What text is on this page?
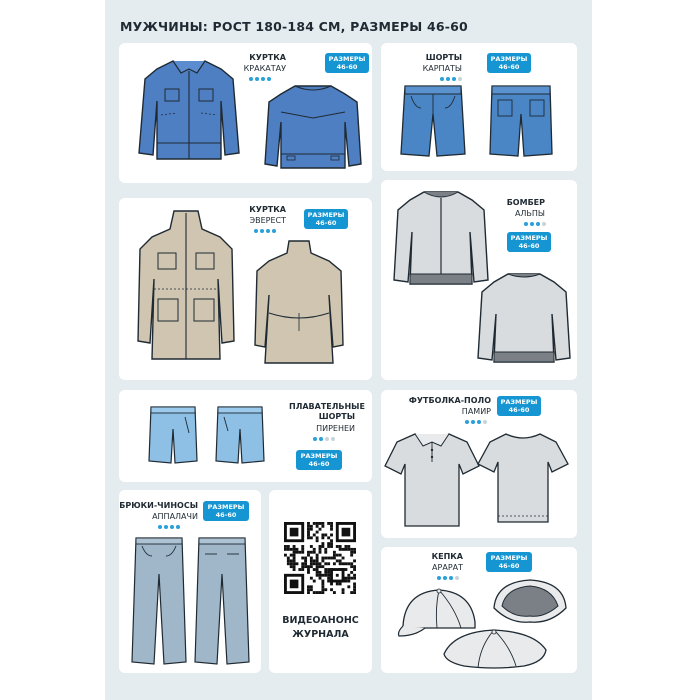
МУЖЧИНЫ: РОСТ 180-184 СМ, РАЗМЕРЫ 46-60
КУРТКА
КРАКАТАУ
РАЗМЕРЫ
46-60
ШОРТЫ
КАРПАТЫ
РАЗМЕРЫ
46-60
КУРТКА
ЭВЕРЕСТ
РАЗМЕРЫ
46-60
БОМБЕР
АЛЬПЫ
РАЗМЕРЫ
46-60
ПЛАВАТЕЛЬНЫЕ ШОРТЫ
ПИРЕНЕИ
РАЗМЕРЫ
46-60
ФУТБОЛКА-ПОЛО
ПАМИР
РАЗМЕРЫ
46-60
БРЮКИ-ЧИНОСЫ
АППАЛАЧИ
РАЗМЕРЫ
46-60
ВИДЕОАНОНС
ЖУРНАЛА
КЕПКА
АРАРАТ
РАЗМЕРЫ
46-60
